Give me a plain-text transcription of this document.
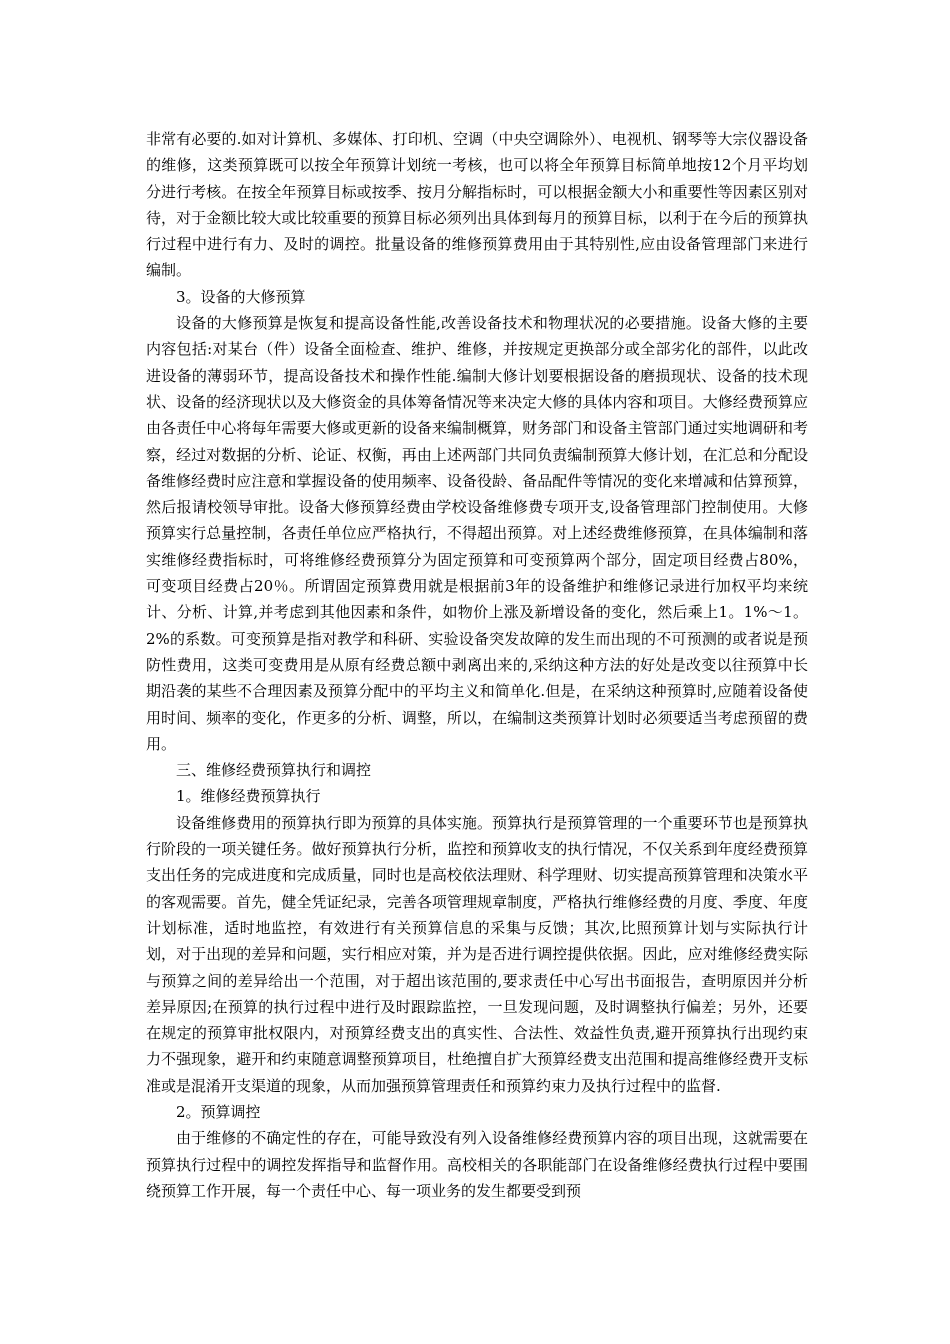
非常有必要的.如对计算机、多媒体、打印机、空调（中央空调除外）、电视机、钢琴等大宗仪器设备的维修，这类预算既可以按全年预算计划统一考核，也可以将全年预算目标简单地按12个月平均划分进行考核。在按全年预算目标或按季、按月分解指标时，可以根据金额大小和重要性等因素区别对待，对于金额比较大或比较重要的预算目标必须列出具体到每月的预算目标，以利于在今后的预算执行过程中进行有力、及时的调控。批量设备的维修预算费用由于其特别性,应由设备管理部门来进行编制。

3。设备的大修预算

设备的大修预算是恢复和提高设备性能,改善设备技术和物理状况的必要措施。设备大修的主要内容包括:对某台（件）设备全面检查、维护、维修，并按规定更换部分或全部劣化的部件，以此改进设备的薄弱环节，提高设备技术和操作性能.编制大修计划要根据设备的磨损现状、设备的技术现状、设备的经济现状以及大修资金的具体筹备情况等来决定大修的具体内容和项目。大修经费预算应由各责任中心将每年需要大修或更新的设备来编制概算，财务部门和设备主管部门通过实地调研和考察，经过对数据的分析、论证、权衡，再由上述两部门共同负责编制预算大修计划，在汇总和分配设备维修经费时应注意和掌握设备的使用频率、设备役龄、备品配件等情况的变化来增减和估算预算，然后报请校领导审批。设备大修预算经费由学校设备维修费专项开支,设备管理部门控制使用。大修预算实行总量控制，各责任单位应严格执行，不得超出预算。对上述经费维修预算，在具体编制和落实维修经费指标时，可将维修经费预算分为固定预算和可变预算两个部分，固定项目经费占80%，可变项目经费占20％。所谓固定预算费用就是根据前3年的设备维护和维修记录进行加权平均来统计、分析、计算,并考虑到其他因素和条件，如物价上涨及新增设备的变化，然后乘上1。1%～1。2%的系数。可变预算是指对教学和科研、实验设备突发故障的发生而出现的不可预测的或者说是预防性费用，这类可变费用是从原有经费总额中剥离出来的,采纳这种方法的好处是改变以往预算中长期沿袭的某些不合理因素及预算分配中的平均主义和简单化.但是，在采纳这种预算时,应随着设备使用时间、频率的变化，作更多的分析、调整，所以，在编制这类预算计划时必须要适当考虑预留的费用。

三、维修经费预算执行和调控

1。维修经费预算执行

设备维修费用的预算执行即为预算的具体实施。预算执行是预算管理的一个重要环节也是预算执行阶段的一项关键任务。做好预算执行分析，监控和预算收支的执行情况，不仅关系到年度经费预算支出任务的完成进度和完成质量，同时也是高校依法理财、科学理财、切实提高预算管理和决策水平的客观需要。首先，健全凭证纪录，完善各项管理规章制度，严格执行维修经费的月度、季度、年度计划标准，适时地监控，有效进行有关预算信息的采集与反馈；其次,比照预算计划与实际执行计划，对于出现的差异和问题，实行相应对策，并为是否进行调控提供依据。因此，应对维修经费实际与预算之间的差异给出一个范围，对于超出该范围的,要求责任中心写出书面报告，查明原因并分析差异原因;在预算的执行过程中进行及时跟踪监控，一旦发现问题，及时调整执行偏差；另外，还要在规定的预算审批权限内，对预算经费支出的真实性、合法性、效益性负责,避开预算执行出现约束力不强现象，避开和约束随意调整预算项目，杜绝擅自扩大预算经费支出范围和提高维修经费开支标准或是混淆开支渠道的现象，从而加强预算管理责任和预算约束力及执行过程中的监督.

2。预算调控

由于维修的不确定性的存在，可能导致没有列入设备维修经费预算内容的项目出现，这就需要在预算执行过程中的调控发挥指导和监督作用。高校相关的各职能部门在设备维修经费执行过程中要围绕预算工作开展，每一个责任中心、每一项业务的发生都要受到预
